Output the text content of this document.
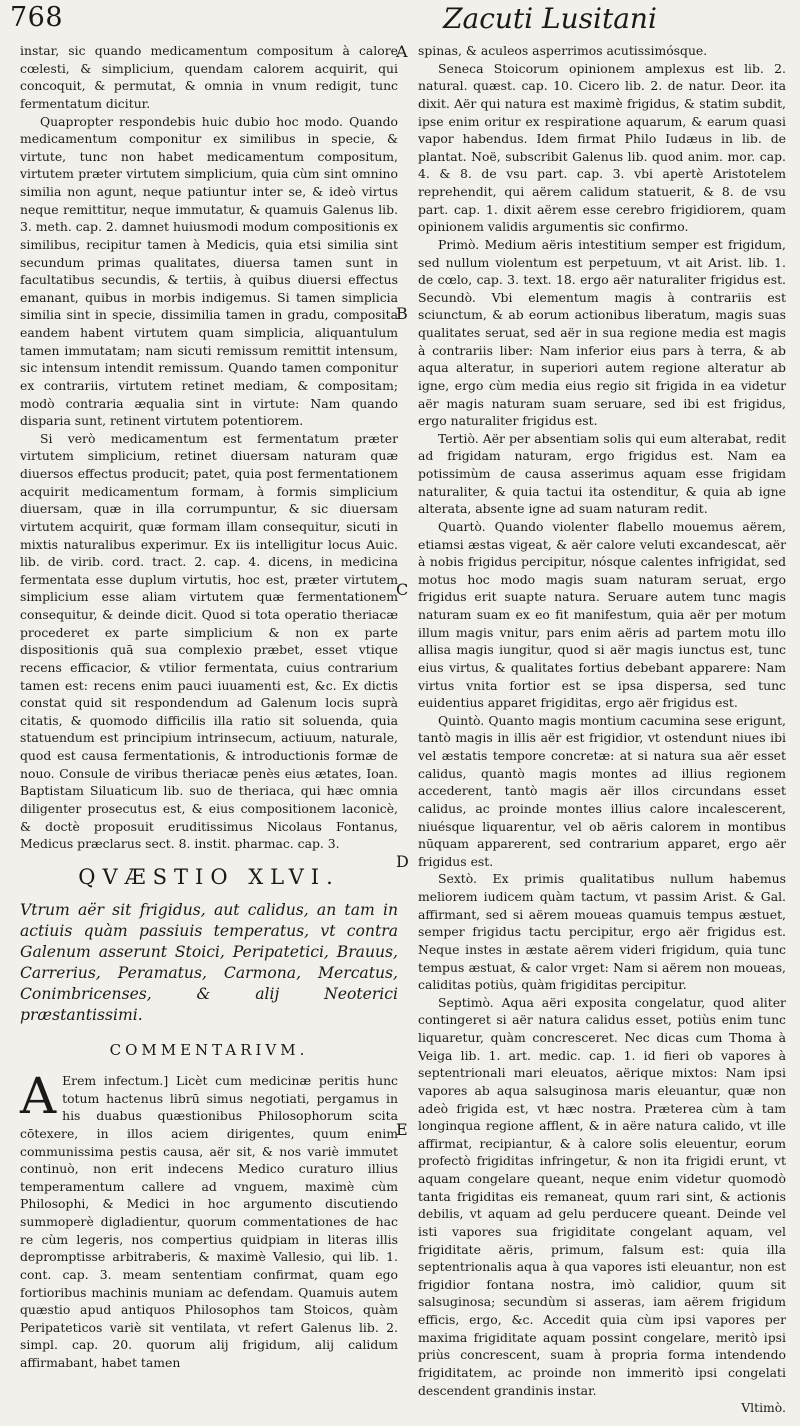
768	Zacuti Lusitani

instar, sic quando medicamentum compositum à calore cœlesti, & simplicium, quendam calorem acquirit, qui concoquit, & permutat, & omnia in vnum redigit, tunc fermentatum dicitur.

Quapropter respondebis huic dubio hoc modo. Quando medicamentum componitur ex similibus in specie, & virtute, tunc non habet medicamentum compositum, virtutem præter virtutem simplicium, quia cùm sint omnino similia non agunt, neque patiuntur inter se, & ideò virtus neque remittitur, neque immutatur, & quamuis Galenus lib. 3. meth. cap. 2. damnet huiusmodi modum compositionis ex similibus, recipitur tamen à Medicis, quia etsi similia sint secundum primas qualitates, diuersa tamen sunt in facultatibus secundis, & tertiis, à quibus diuersi effectus emanant, quibus in morbis indigemus. Si tamen simplicia similia sint in specie, dissimilia tamen in gradu, composita eandem habent virtutem quam simplicia, aliquantulum tamen immutatam; nam sicuti remissum remittit intensum, sic intensum intendit remissum. Quando tamen componitur ex contrariis, virtutem retinet mediam, & compositam; modò contraria æqualia sint in virtute: Nam quando disparia sunt, retinent virtutem potentiorem.

Si verò medicamentum est fermentatum præter virtutem simplicium, retinet diuersam naturam quæ diuersos effectus producit; patet, quia post fermentationem acquirit medicamentum formam, à formis simplicium diuersam, quæ in illa corrumpuntur, & sic diuersam virtutem acquirit, quæ formam illam consequitur, sicuti in mixtis naturalibus experimur. Ex iis intelligitur locus Auic. lib. de virib. cord. tract. 2. cap. 4. dicens, in medicina fermentata esse duplum virtutis, hoc est, præter virtutem simplicium esse aliam virtutem quæ fermentationem consequitur, & deinde dicit. Quod si tota operatio theriacæ procederet ex parte simplicium & non ex parte dispositionis quā sua complexio præbet, esset vtique recens efficacior, & vtilior fermentata, cuius contrarium tamen est: recens enim pauci iuuamenti est, &c. Ex dictis constat quid sit respondendum ad Galenum locis suprà citatis, & quomodo difficilis illa ratio sit soluenda, quia statuendum est principium intrinsecum, actiuum, naturale, quod est causa fermentationis, & introductionis formæ de nouo. Consule de viribus theriacæ penès eius ætates, Ioan. Baptistam Siluaticum lib. suo de theriaca, qui hæc omnia diligenter prosecutus est, & eius compositionem laconicè, & doctè proposuit eruditissimus Nicolaus Fontanus, Medicus præclarus sect. 8. instit. pharmac. cap. 3.

QVÆSTIO XLVI.

Vtrum aër sit frigidus, aut calidus, an tam in actiuis quàm passiuis temperatus, vt contra Galenum asserunt Stoici, Peripatetici, Brauus, Carrerius, Peramatus, Carmona, Mercatus, Conimbricenses, & alij Neoterici præstantissimi.

COMMENTARIVM.

A Erem infectum.] Licèt cum medicinæ peritis hunc totum hactenus librū simus negotiati, pergamus in his duabus quæstionibus Philosophorum scita cōtexere, in illos aciem dirigentes, quum enim communissima pestis causa, aër sit, & nos variè immutet continuò, non erit indecens Medico curaturo illius temperamentum callere ad vnguem, maximè cùm Philosophi, & Medici in hoc argumento discutiendo summoperè digladientur, quorum commentationes de hac re cùm legeris, nos compertius quidpiam in literas illis depromptisse arbitraberis, & maximè Vallesio, qui lib. 1. cont. cap. 3. meam sententiam confirmat, quam ego fortioribus machinis muniam ac defendam. Quamuis autem quæstio apud antiquos Philosophos tam Stoicos, quàm Peripateticos variè sit ventilata, vt refert Galenus lib. 2. simpl. cap. 20. quorum alij frigidum, alij calidum affirmabant, habet tamen

A
B
C
D
E

spinas, & aculeos asperrimos acutissimósque.

Seneca Stoicorum opinionem amplexus est lib. 2. natural. quæst. cap. 10. Cicero lib. 2. de natur. Deor. ita dixit. Aër qui natura est maximè frigidus, & statim subdit, ipse enim oritur ex respiratione aquarum, & earum quasi vapor habendus. Idem firmat Philo Iudæus in lib. de plantat. Noë, subscribit Galenus lib. quod anim. mor. cap. 4. & 8. de vsu part. cap. 3. vbi apertè Aristotelem reprehendit, qui aërem calidum statuerit, & 8. de vsu part. cap. 1. dixit aërem esse cerebro frigidiorem, quam opinionem validis argumentis sic confirmo.

Primò. Medium aëris intestitium semper est frigidum, sed nullum violentum est perpetuum, vt ait Arist. lib. 1. de cœlo, cap. 3. text. 18. ergo aër naturaliter frigidus est. Secundò. Vbi elementum magis à contrariis est sciunctum, & ab eorum actionibus liberatum, magis suas qualitates seruat, sed aër in sua regione media est magis à contrariis liber: Nam inferior eius pars à terra, & ab aqua alteratur, in superiori autem regione alteratur ab igne, ergo cùm media eius regio sit frigida in ea videtur aër magis naturam suam seruare, sed ibi est frigidus, ergo naturaliter frigidus est.

Tertiò. Aër per absentiam solis qui eum alterabat, redit ad frigidam naturam, ergo frigidus est. Nam ea potissimùm de causa asserimus aquam esse frigidam naturaliter, & quia tactui ita ostenditur, & quia ab igne alterata, absente igne ad suam naturam redit.

Quartò. Quando violenter flabello mouemus aërem, etiamsi æstas vigeat, & aër calore veluti excandescat, aër à nobis frigidus percipitur, nósque calentes infrigidat, sed motus hoc modo magis suam naturam seruat, ergo frigidus erit suapte natura. Seruare autem tunc magis naturam suam ex eo fit manifestum, quia aër per motum illum magis vnitur, pars enim aëris ad partem motu illo allisa magis iungitur, quod si aër magis iunctus est, tunc eius virtus, & qualitates fortius debebant apparere: Nam virtus vnita fortior est se ipsa dispersa, sed tunc euidentius apparet frigiditas, ergo aër frigidus est.

Quintò. Quanto magis montium cacumina sese erigunt, tantò magis in illis aër est frigidior, vt ostendunt niues ibi vel æstatis tempore concretæ: at si natura sua aër esset calidus, quantò magis montes ad illius regionem accederent, tantò magis aër illos circundans esset calidus, ac proinde montes illius calore incalescerent, niuésque liquarentur, vel ob aëris calorem in montibus nūquam apparerent, sed contrarium apparet, ergo aër frigidus est.

Sextò. Ex primis qualitatibus nullum habemus meliorem iudicem quàm tactum, vt passim Arist. & Gal. affirmant, sed si aërem moueas quamuis tempus æstuet, semper frigidus tactu percipitur, ergo aër frigidus est. Neque instes in æstate aërem videri frigidum, quia tunc tempus æstuat, & calor vrget: Nam si aërem non moueas, caliditas potiùs, quàm frigiditas percipitur.

Septimò. Aqua aëri exposita congelatur, quod aliter contingeret si aër natura calidus esset, potiùs enim tunc liquaretur, quàm concresceret. Nec dicas cum Thoma à Veiga lib. 1. art. medic. cap. 1. id fieri ob vapores à septentrionali mari eleuatos, aërique mixtos: Nam ipsi vapores ab aqua salsuginosa maris eleuantur, quæ non adeò frigida est, vt hæc nostra. Præterea cùm à tam longinqua regione afflent, & in aëre natura calido, vt ille affirmat, recipiantur, & à calore solis eleuentur, eorum profectò frigiditas infringetur, & non ita frigidi erunt, vt aquam congelare queant, neque enim videtur quomodò tanta frigiditas eis remaneat, quum rari sint, & actionis debilis, vt aquam ad gelu perducere queant. Deinde vel isti vapores sua frigiditate congelant aquam, vel frigiditate aëris, primum, falsum est: quia illa septentrionalis aqua à qua vapores isti eleuantur, non est frigidior fontana nostra, imò calidior, quum sit salsuginosa; secundùm si asseras, iam aërem frigidum efficis, ergo, &c. Accedit quia cùm ipsi vapores per maxima frigiditate aquam possint congelare, meritò ipsi priùs concrescent, suam à propria forma intendendo frigiditatem, ac proinde non immeritò ipsi congelati descendent grandinis instar.

Vltimò.
